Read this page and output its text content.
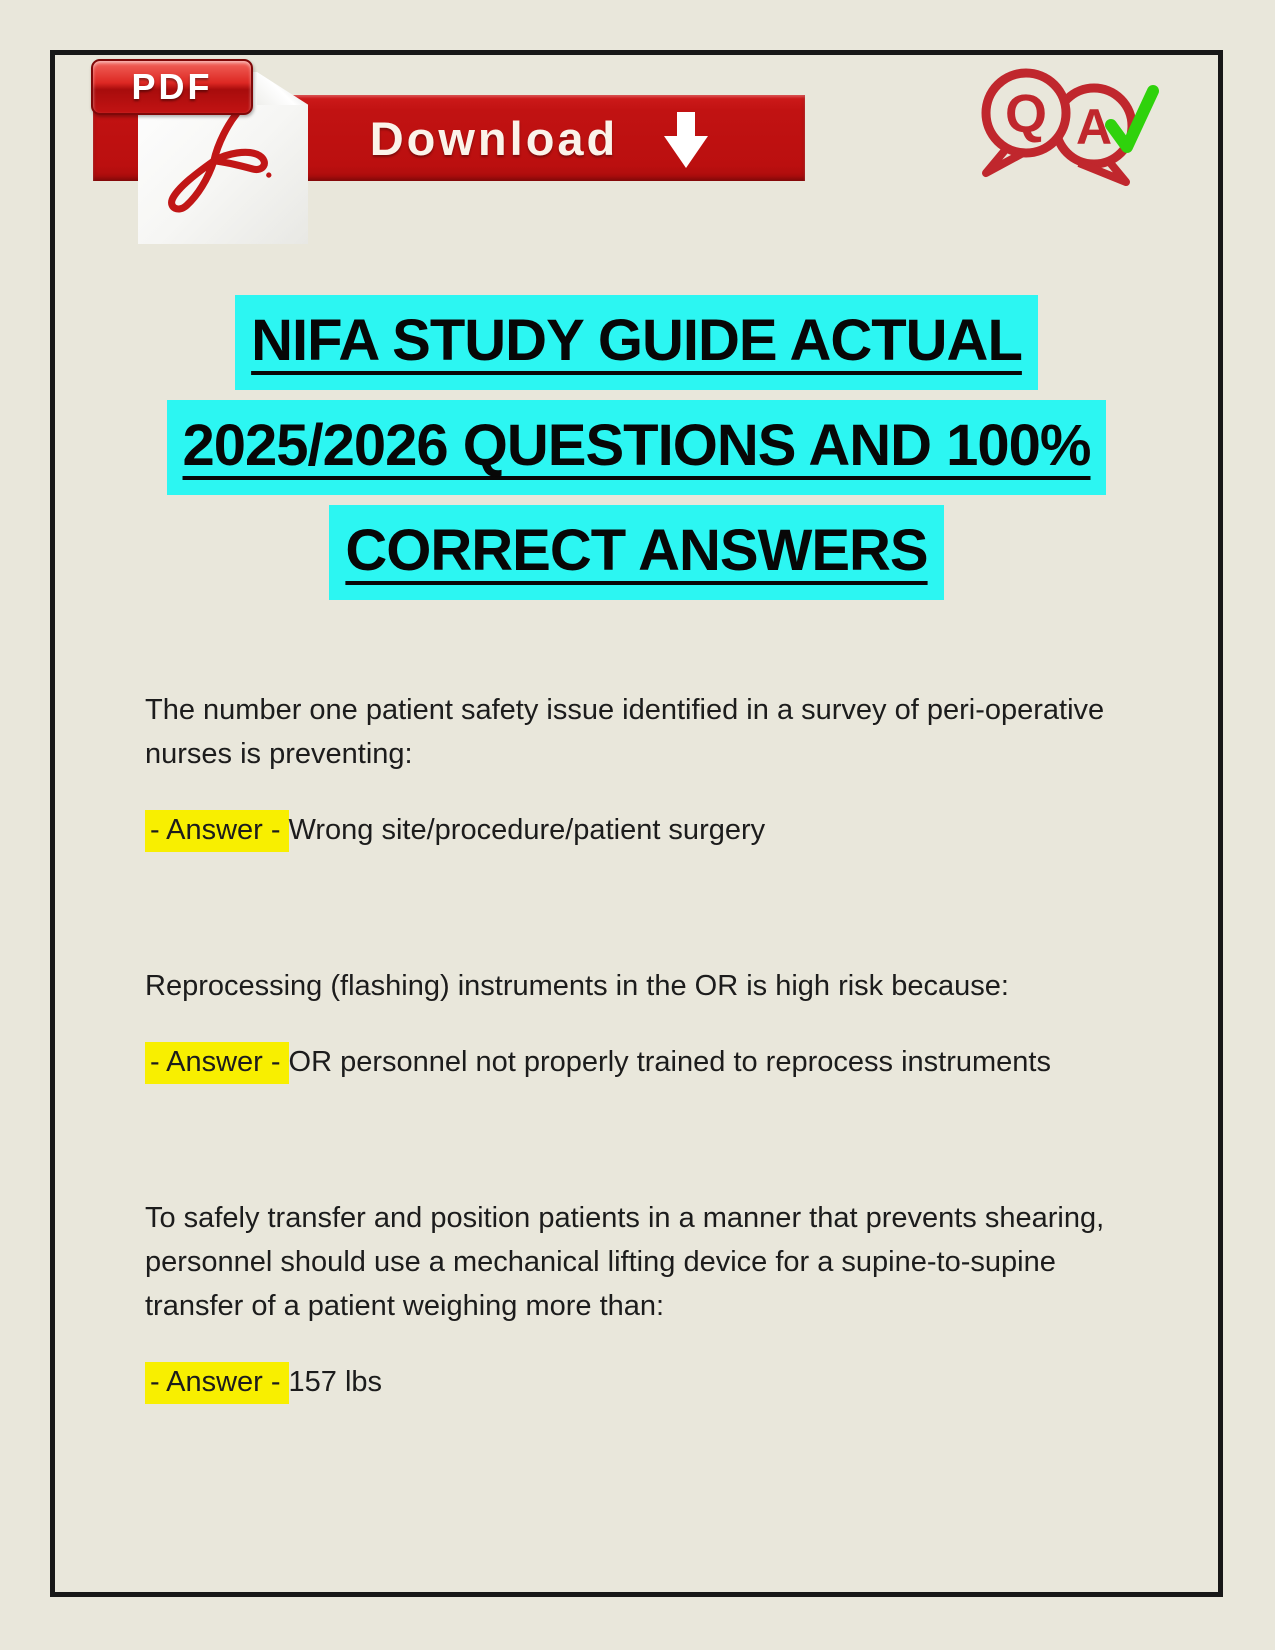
Download
PDF	Q A
NIFA STUDY GUIDE ACTUAL
2025/2026 QUESTIONS AND 100%
CORRECT ANSWERS

The number one patient safety issue identified in a survey of peri-operative nurses is preventing:

- Answer - Wrong site/procedure/patient surgery

Reprocessing (flashing) instruments in the OR is high risk because:

- Answer - OR personnel not properly trained to reprocess instruments

To safely transfer and position patients in a manner that prevents shearing, personnel should use a mechanical lifting device for a supine-to-supine transfer of a patient weighing more than:

- Answer - 157 lbs
